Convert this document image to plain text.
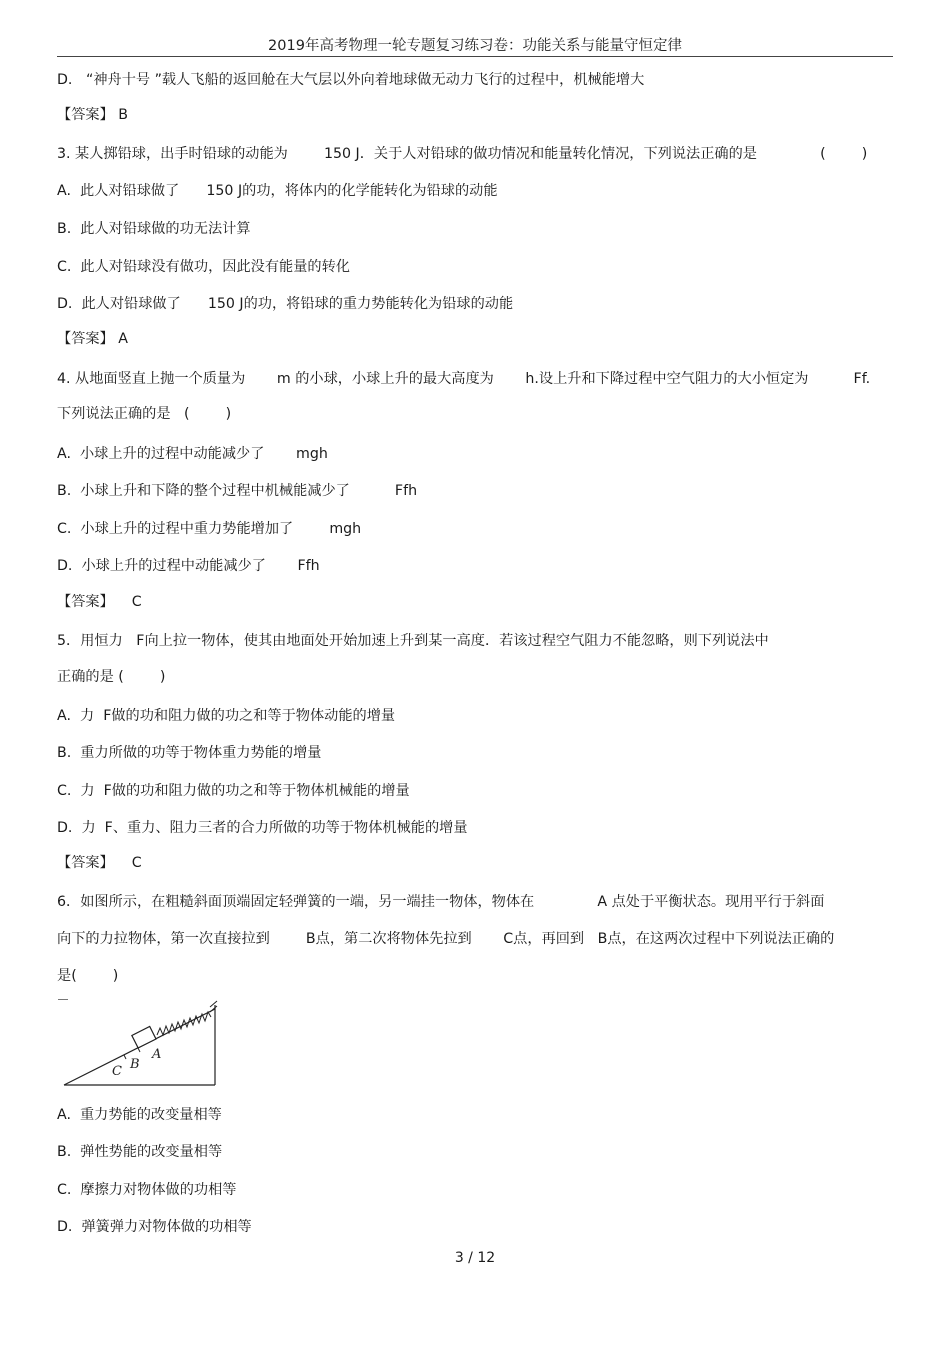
2019年高考物理一轮专题复习练习卷：功能关系与能量守恒定律
D.   “神舟十号 ”载人飞船的返回舱在大气层以外向着地球做无动力飞行的过程中，机械能增大
【答案】 B
3. 某人掷铅球，出手时铅球的动能为        150 J．关于人对铅球的做功情况和能量转化情况，下列说法正确的是              (        )
A.  此人对铅球做了      150 J的功，将体内的化学能转化为铅球的动能
B.  此人对铅球做的功无法计算
C.  此人对铅球没有做功，因此没有能量的转化
D.  此人对铅球做了      150 J的功，将铅球的重力势能转化为铅球的动能
【答案】 A
4. 从地面竖直上抛一个质量为       m 的小球，小球上升的最大高度为       h.设上升和下降过程中空气阻力的大小恒定为          Ff.
下列说法正确的是   (        )
A.  小球上升的过程中动能减少了       mgh
B.  小球上升和下降的整个过程中机械能减少了          Ffh
C.  小球上升的过程中重力势能增加了        mgh
D.  小球上升的过程中动能减少了       Ffh
【答案】    C
5．用恒力   F向上拉一物体，使其由地面处开始加速上升到某一高度．若该过程空气阻力不能忽略，则下列说法中
正确的是 (        )
A.  力  F做的功和阻力做的功之和等于物体动能的增量
B.  重力所做的功等于物体重力势能的增量
C.  力  F做的功和阻力做的功之和等于物体机械能的增量
D.  力  F、重力、阻力三者的合力所做的功等于物体机械能的增量
【答案】    C
6．如图所示，在粗糙斜面顶端固定轻弹簧的一端，另一端挂一物体，物体在              A 点处于平衡状态。现用平行于斜面
向下的力拉物体，第一次直接拉到        B点，第二次将物体先拉到       C点，再回到   B点，在这两次过程中下列说法正确的
是(        )
C B
A
A.  重力势能的改变量相等
B.  弹性势能的改变量相等
C.  摩擦力对物体做的功相等
D.  弹簧弹力对物体做的功相等
3 / 12
